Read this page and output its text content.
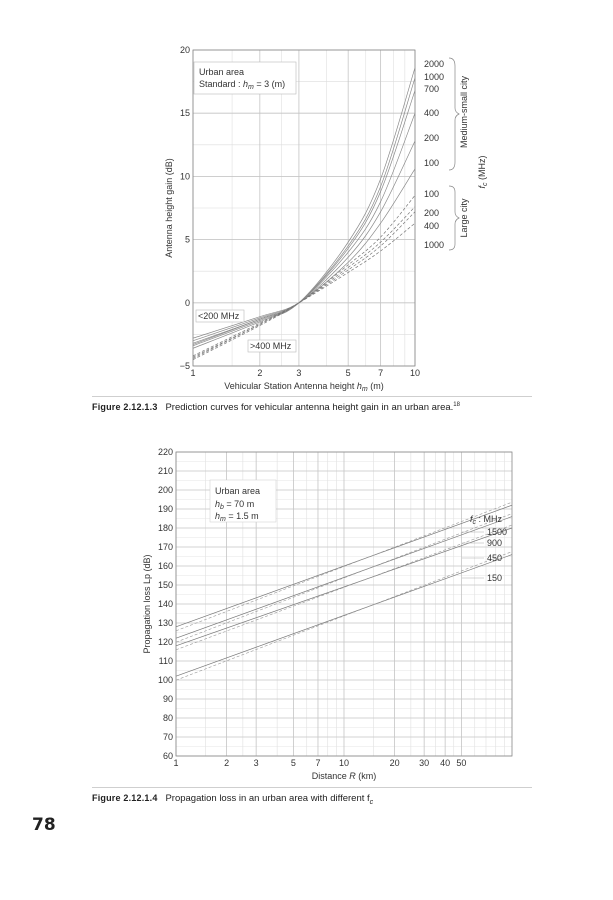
1	2	3	5	7	10
−5
0
5
10
15
20
Vehicular Station Antenna height $h_m$ (m)
Antenna height gain (dB)
Urban area
Standard : $h_m = 3$ (m)
<200 MHz
>400 MHz
2000
1000
700
400
200
100
100
200
400
1000
Medium-small city
Large city
$f_c$ (MHz)
1	2	3	5 7 10	20 30 40 50
60
70
80
90
100
110
120
130
140
150
160
170
180
190
200
210
220
Distance R (km)
Propagation loss Lp (dB)
Urban area
$h_b = 70$ m
$h_m = 1.5$ m	$f_c$ : MHz
1500
900
450
150
Figure 2.12.1.3 Prediction curves for vehicular antenna height gain in an urban area.$^{18}$
Figure 2.12.1.4 Propagation loss in an urban area with different $f_c$
78
